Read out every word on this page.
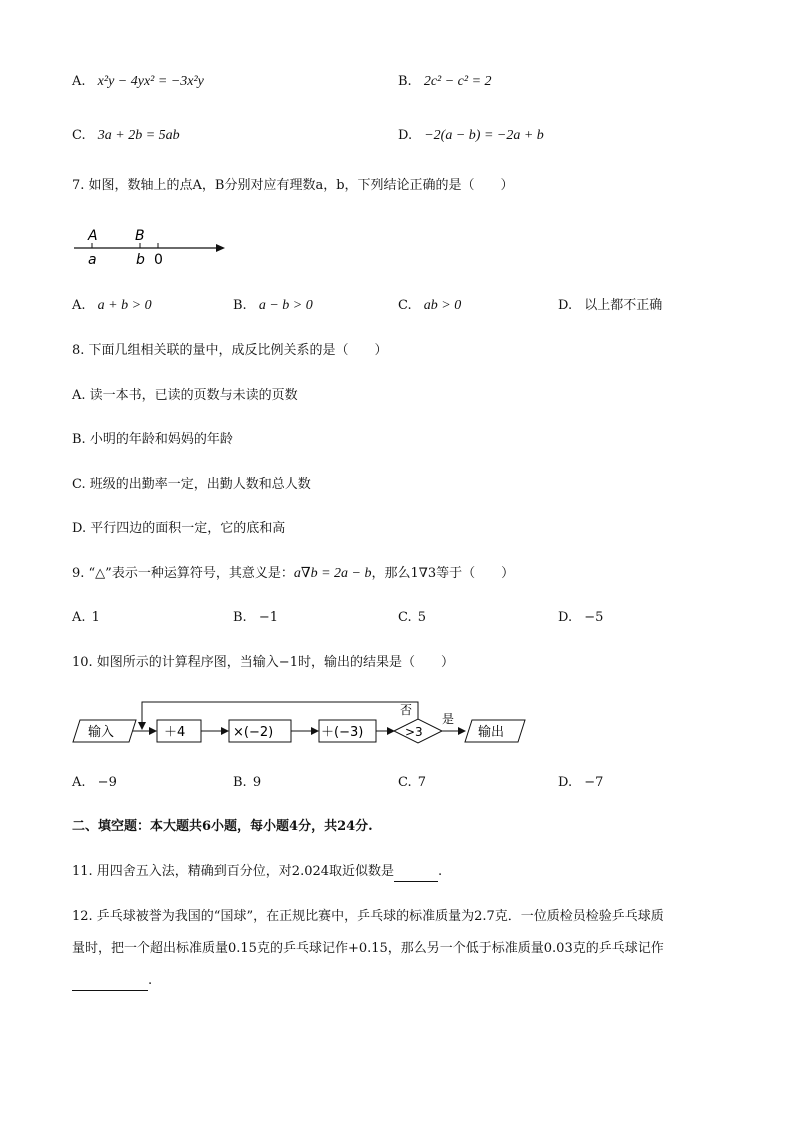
A. x²y − 4yx² = −3x²y	B. 2c² − c² = 2
C. 3a + 2b = 5ab	D. −2(a − b) = −2a + b
7. 如图，数轴上的点A，B分别对应有理数a，b，下列结论正确的是（　　）
A	B
a	b 0
A. a + b > 0	B. a − b > 0	C. ab > 0	D. 以上都不正确
8. 下面几组相关联的量中，成反比例关系的是（　　）
A. 读一本书，已读的页数与未读的页数
B. 小明的年龄和妈妈的年龄
C. 班级的出勤率一定，出勤人数和总人数
D. 平行四边的面积一定，它的底和高
9. “△”表示一种运算符号，其意义是：a∇b = 2a − b，那么1∇3等于（　　）
A. 1	B. −1	C. 5	D. −5
10. 如图所示的计算程序图，当输入−1时，输出的结果是（　　）
输入	＋4	×(−2)	＋(−3)	>3
否
是
输出
A. −9	B. 9	C. 7	D. −7
二、填空题：本大题共6小题，每小题4分，共24分.
11. 用四舍五入法，精确到百分位，对2.024取近似数是	.
12. 乒乓球被誉为我国的“国球”，在正规比赛中，乒乓球的标准质量为2.7克．一位质检员检验乒乓球质
量时，把一个超出标准质量0.15克的乒乓球记作+0.15，那么另一个低于标准质量0.03克的乒乓球记作
.
